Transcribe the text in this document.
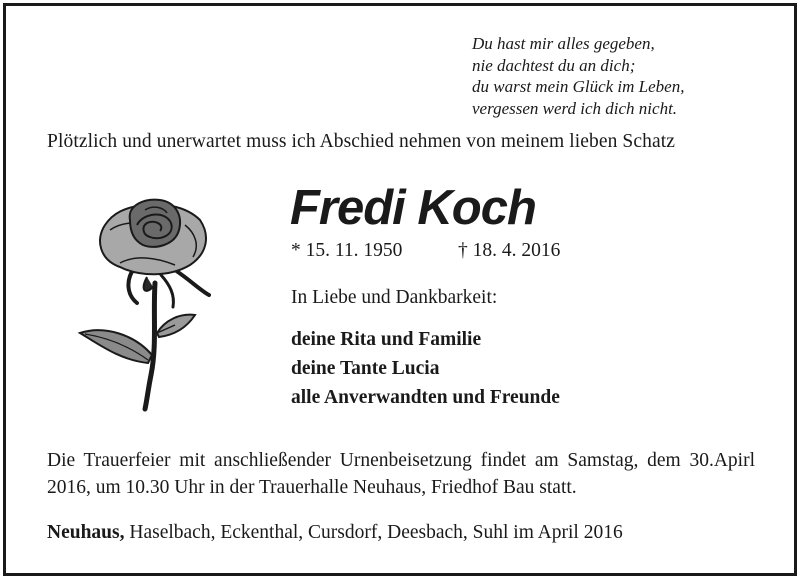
Du hast mir alles gegeben,
nie dachtest du an dich;
du warst mein Glück im Leben,
vergessen werd ich dich nicht.
Plötzlich und unerwartet muss ich Abschied nehmen von meinem lieben Schatz
Fredi Koch
* 15. 11. 1950	† 18. 4. 2016
In Liebe und Dankbarkeit:
deine Rita und Familie
deine Tante Lucia
alle Anverwandten und Freunde
Die Trauerfeier mit anschließender Urnenbeisetzung findet am Samstag, dem 30.Apirl 2016, um 10.30 Uhr in der Trauerhalle Neuhaus, Friedhof Bau statt.
Neuhaus, Haselbach, Eckenthal, Cursdorf, Deesbach, Suhl im April 2016
